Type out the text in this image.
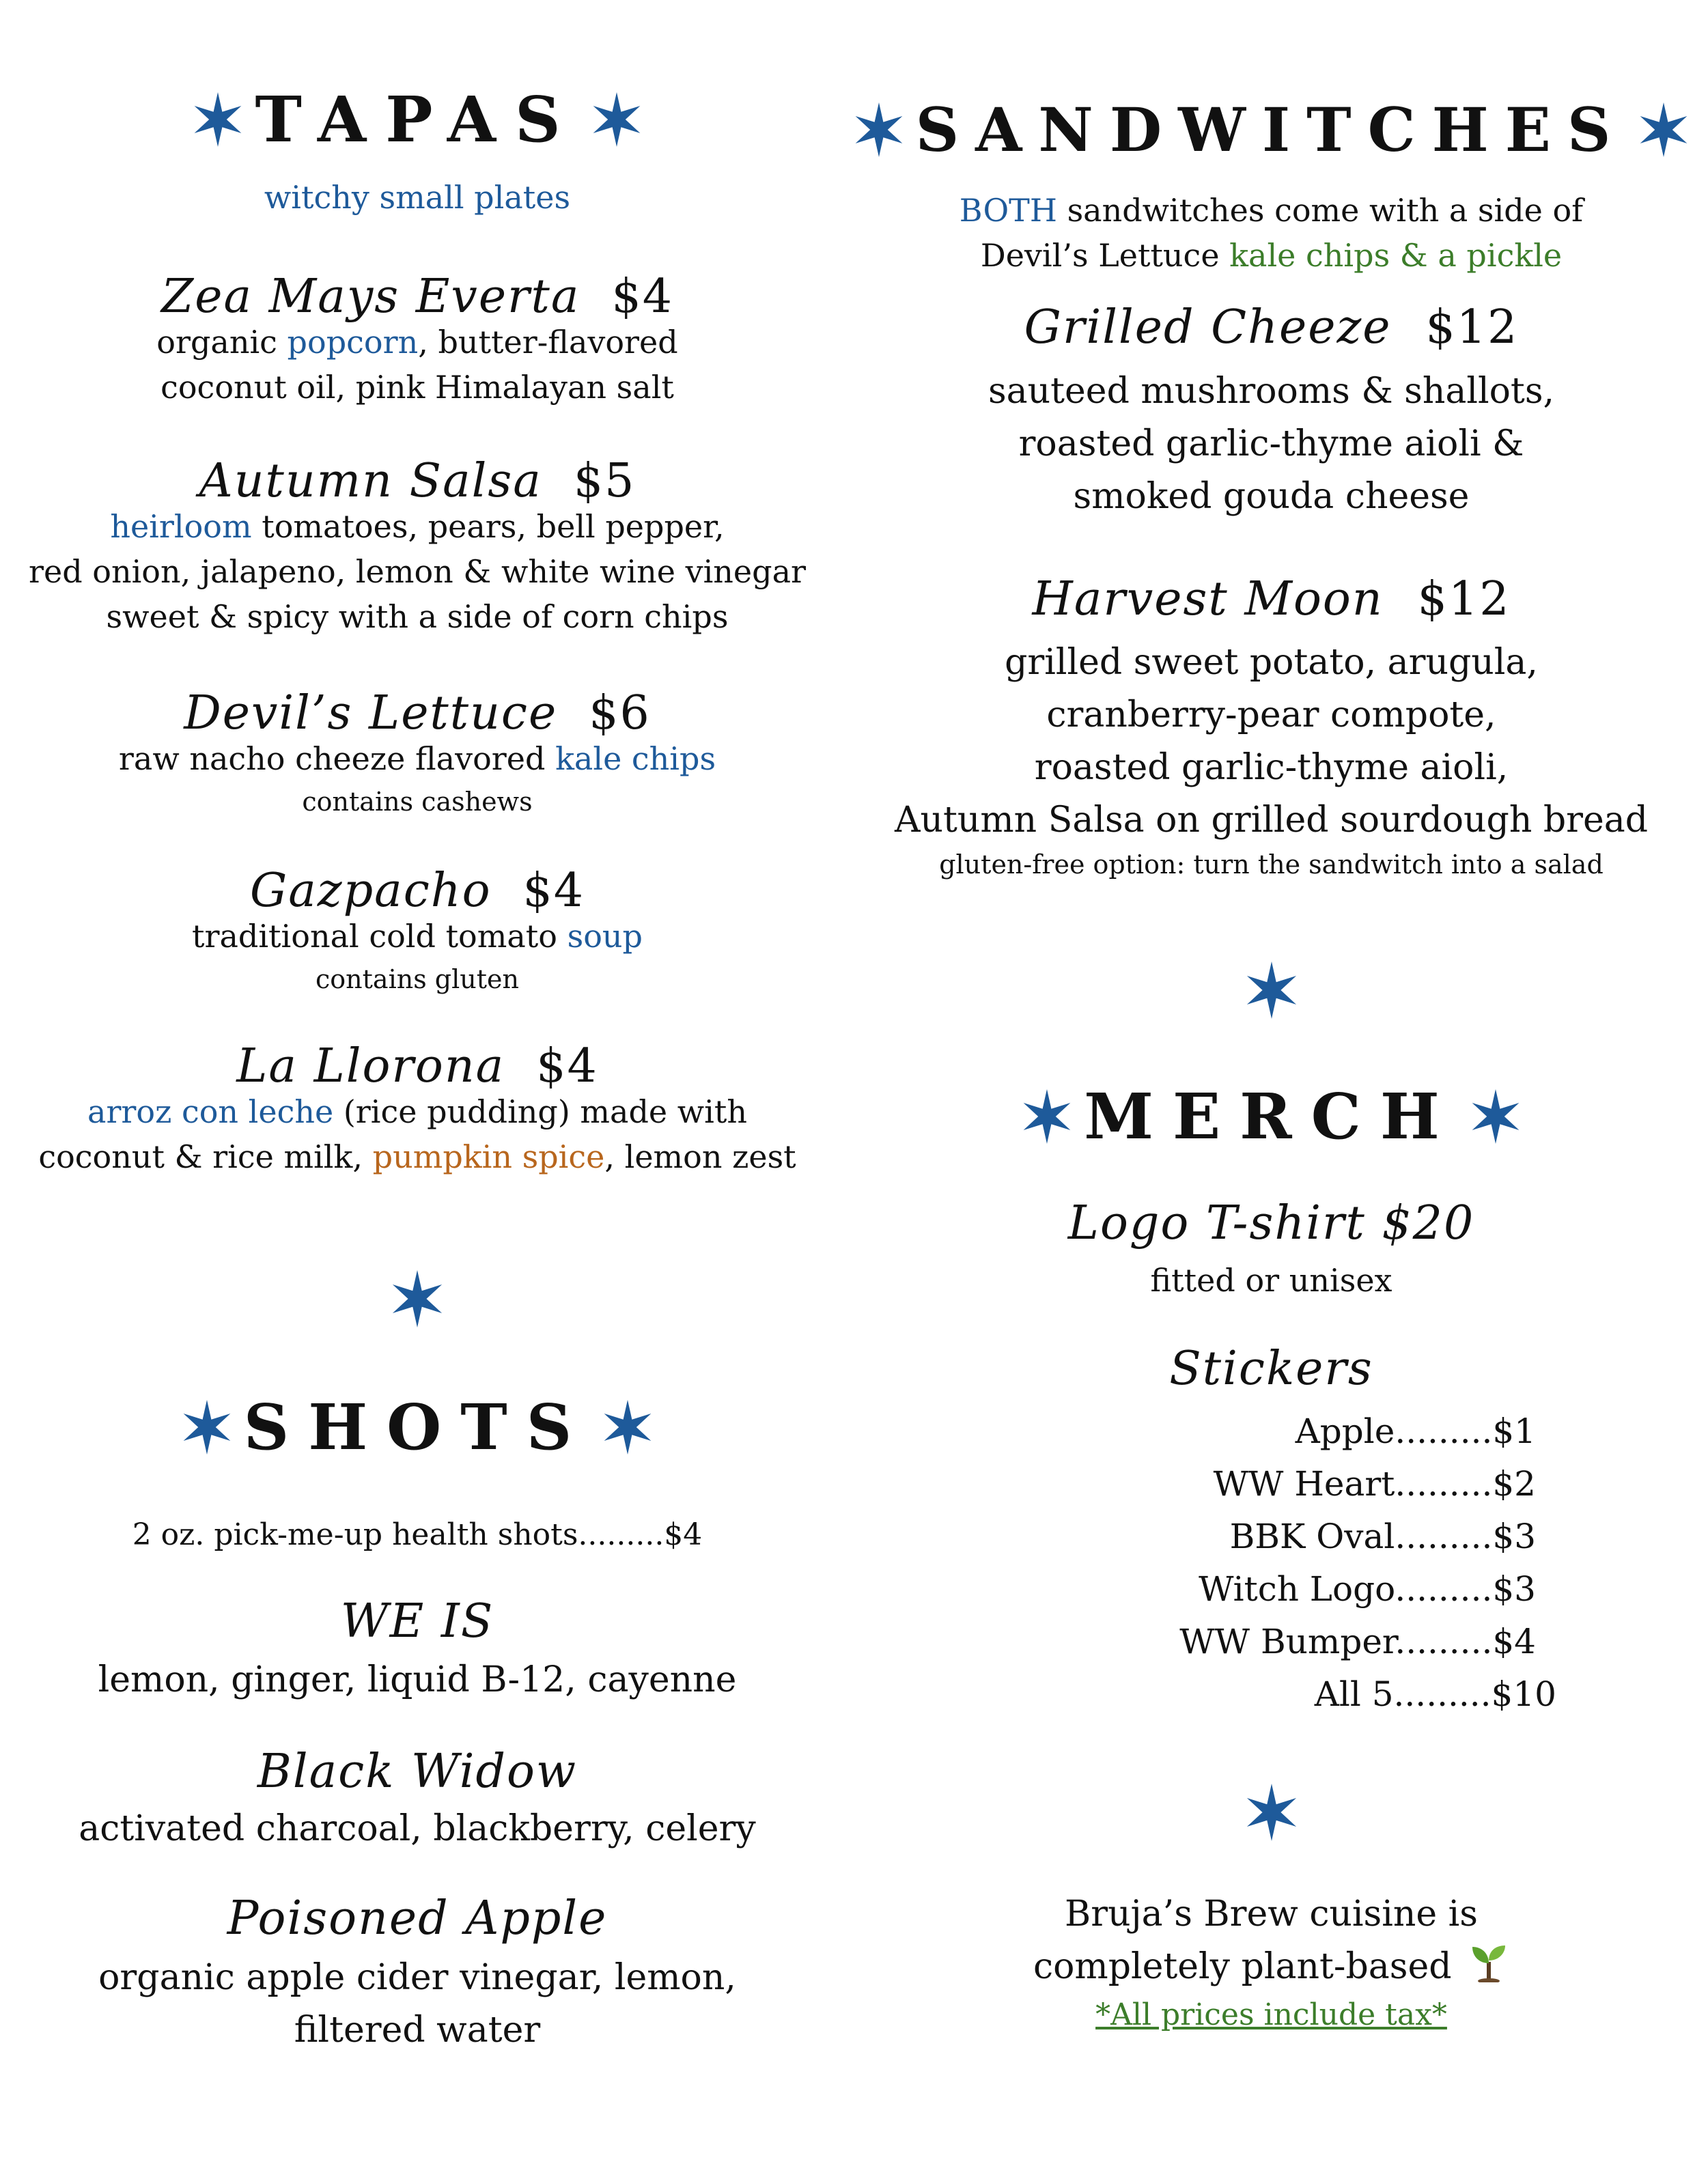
TAPAS
witchy small plates
Zea Mays Everta $4
organic popcorn, butter-flavored
coconut oil, pink Himalayan salt
Autumn Salsa $5
heirloom tomatoes, pears, bell pepper,
red onion, jalapeno, lemon & white wine vinegar
sweet & spicy with a side of corn chips
Devil’s Lettuce $6
raw nacho cheeze flavored kale chips
contains cashews
Gazpacho $4
traditional cold tomato soup
contains gluten
La Llorona $4
arroz con leche (rice pudding) made with
coconut & rice milk, pumpkin spice, lemon zest
SHOTS
2 oz. pick-me-up health shots.........$4
WE IS
lemon, ginger, liquid B-12, cayenne
Black Widow
activated charcoal, blackberry, celery
Poisoned Apple
organic apple cider vinegar, lemon,
filtered water
SANDWITCHES
BOTH sandwitches come with a side of
Devil’s Lettuce kale chips & a pickle
Grilled Cheeze $12
sauteed mushrooms & shallots,
roasted garlic-thyme aioli &
smoked gouda cheese
Harvest Moon $12
grilled sweet potato, arugula,
cranberry-pear compote,
roasted garlic-thyme aioli,
Autumn Salsa on grilled sourdough bread
gluten-free option: turn the sandwitch into a salad
MERCH
Logo T-shirt $20
fitted or unisex
Stickers
Apple.........$1
WW Heart.........$2
BBK Oval.........$3
Witch Logo.........$3
WW Bumper.........$4
All 5.........$10
Bruja’s Brew cuisine is
completely plant-based
*All prices include tax*
